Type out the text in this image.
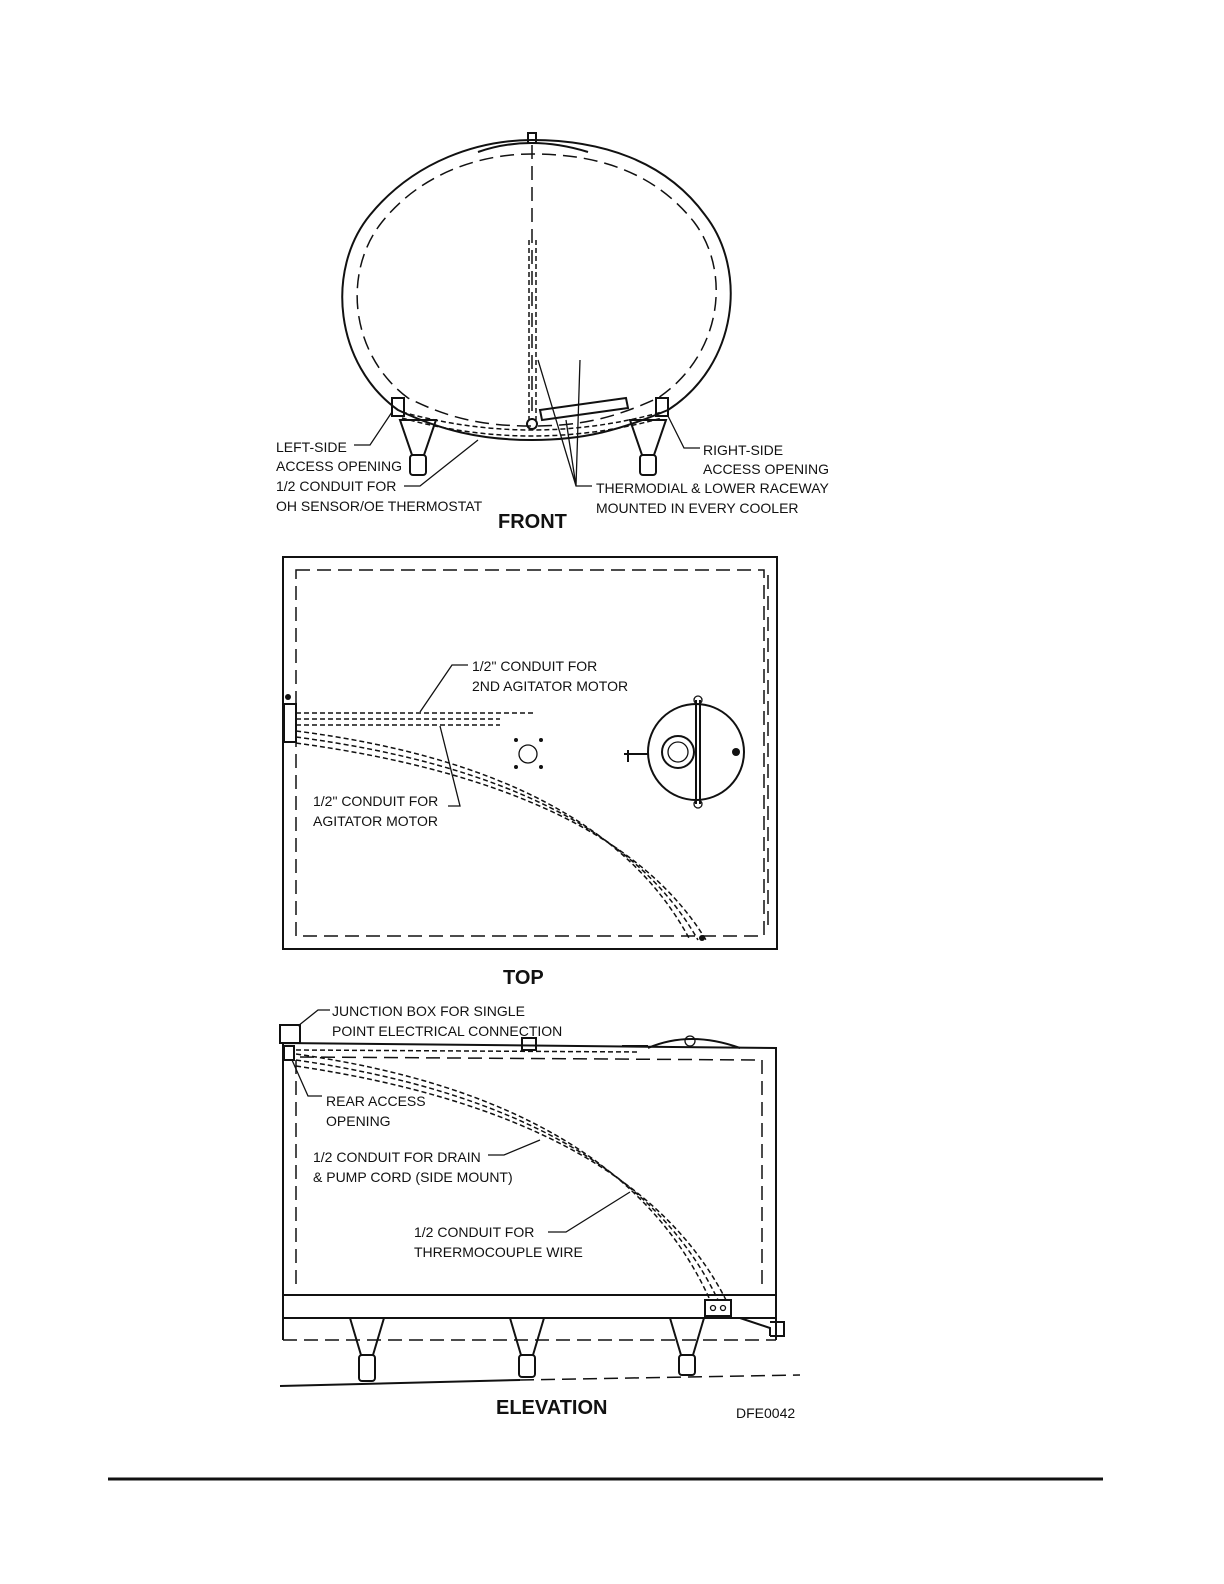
LEFT-SIDE
ACCESS OPENING
1/2 CONDUIT FOR
OH SENSOR/OE THERMOSTAT
RIGHT-SIDE
ACCESS OPENING
THERMODIAL & LOWER RACEWAY
MOUNTED IN EVERY COOLER
FRONT
1/2" CONDUIT FOR
2ND AGITATOR MOTOR
1/2" CONDUIT FOR
AGITATOR MOTOR
TOP
JUNCTION BOX FOR SINGLE
POINT ELECTRICAL CONNECTION
REAR ACCESS
OPENING
1/2 CONDUIT FOR DRAIN
& PUMP CORD (SIDE MOUNT)
1/2 CONDUIT FOR
THRERMOCOUPLE WIRE
ELEVATION	DFE0042
